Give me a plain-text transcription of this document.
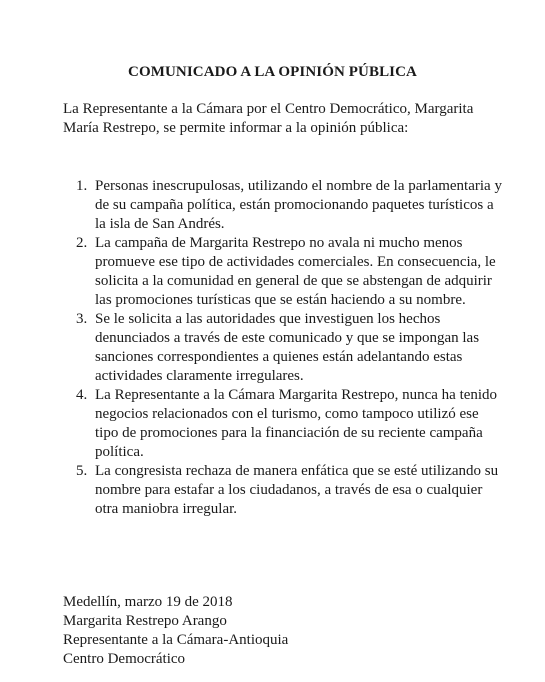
COMUNICADO A LA OPINIÓN PÚBLICA
La Representante a la Cámara por el Centro Democrático, Margarita María Restrepo, se permite informar a la opinión pública:
1. Personas inescrupulosas, utilizando el nombre de la parlamentaria y de su campaña política, están promocionando paquetes turísticos a la isla de San Andrés.
2. La campaña de Margarita Restrepo no avala ni mucho menos promueve ese tipo de actividades comerciales. En consecuencia, le solicita a la comunidad en general de que se abstengan de adquirir las promociones turísticas que se están haciendo a su nombre.
3. Se le solicita a las autoridades que investiguen los hechos denunciados a través de este comunicado y que se impongan las sanciones correspondientes a quienes están adelantando estas actividades claramente irregulares.
4. La Representante a la Cámara Margarita Restrepo, nunca ha tenido negocios relacionados con el turismo, como tampoco utilizó ese tipo de promociones para la financiación de su reciente campaña política.
5. La congresista rechaza de manera enfática que se esté utilizando su nombre para estafar a los ciudadanos, a través de esa o cualquier otra maniobra irregular.
Medellín, marzo 19 de 2018
Margarita Restrepo Arango
Representante a la Cámara-Antioquia
Centro Democrático
